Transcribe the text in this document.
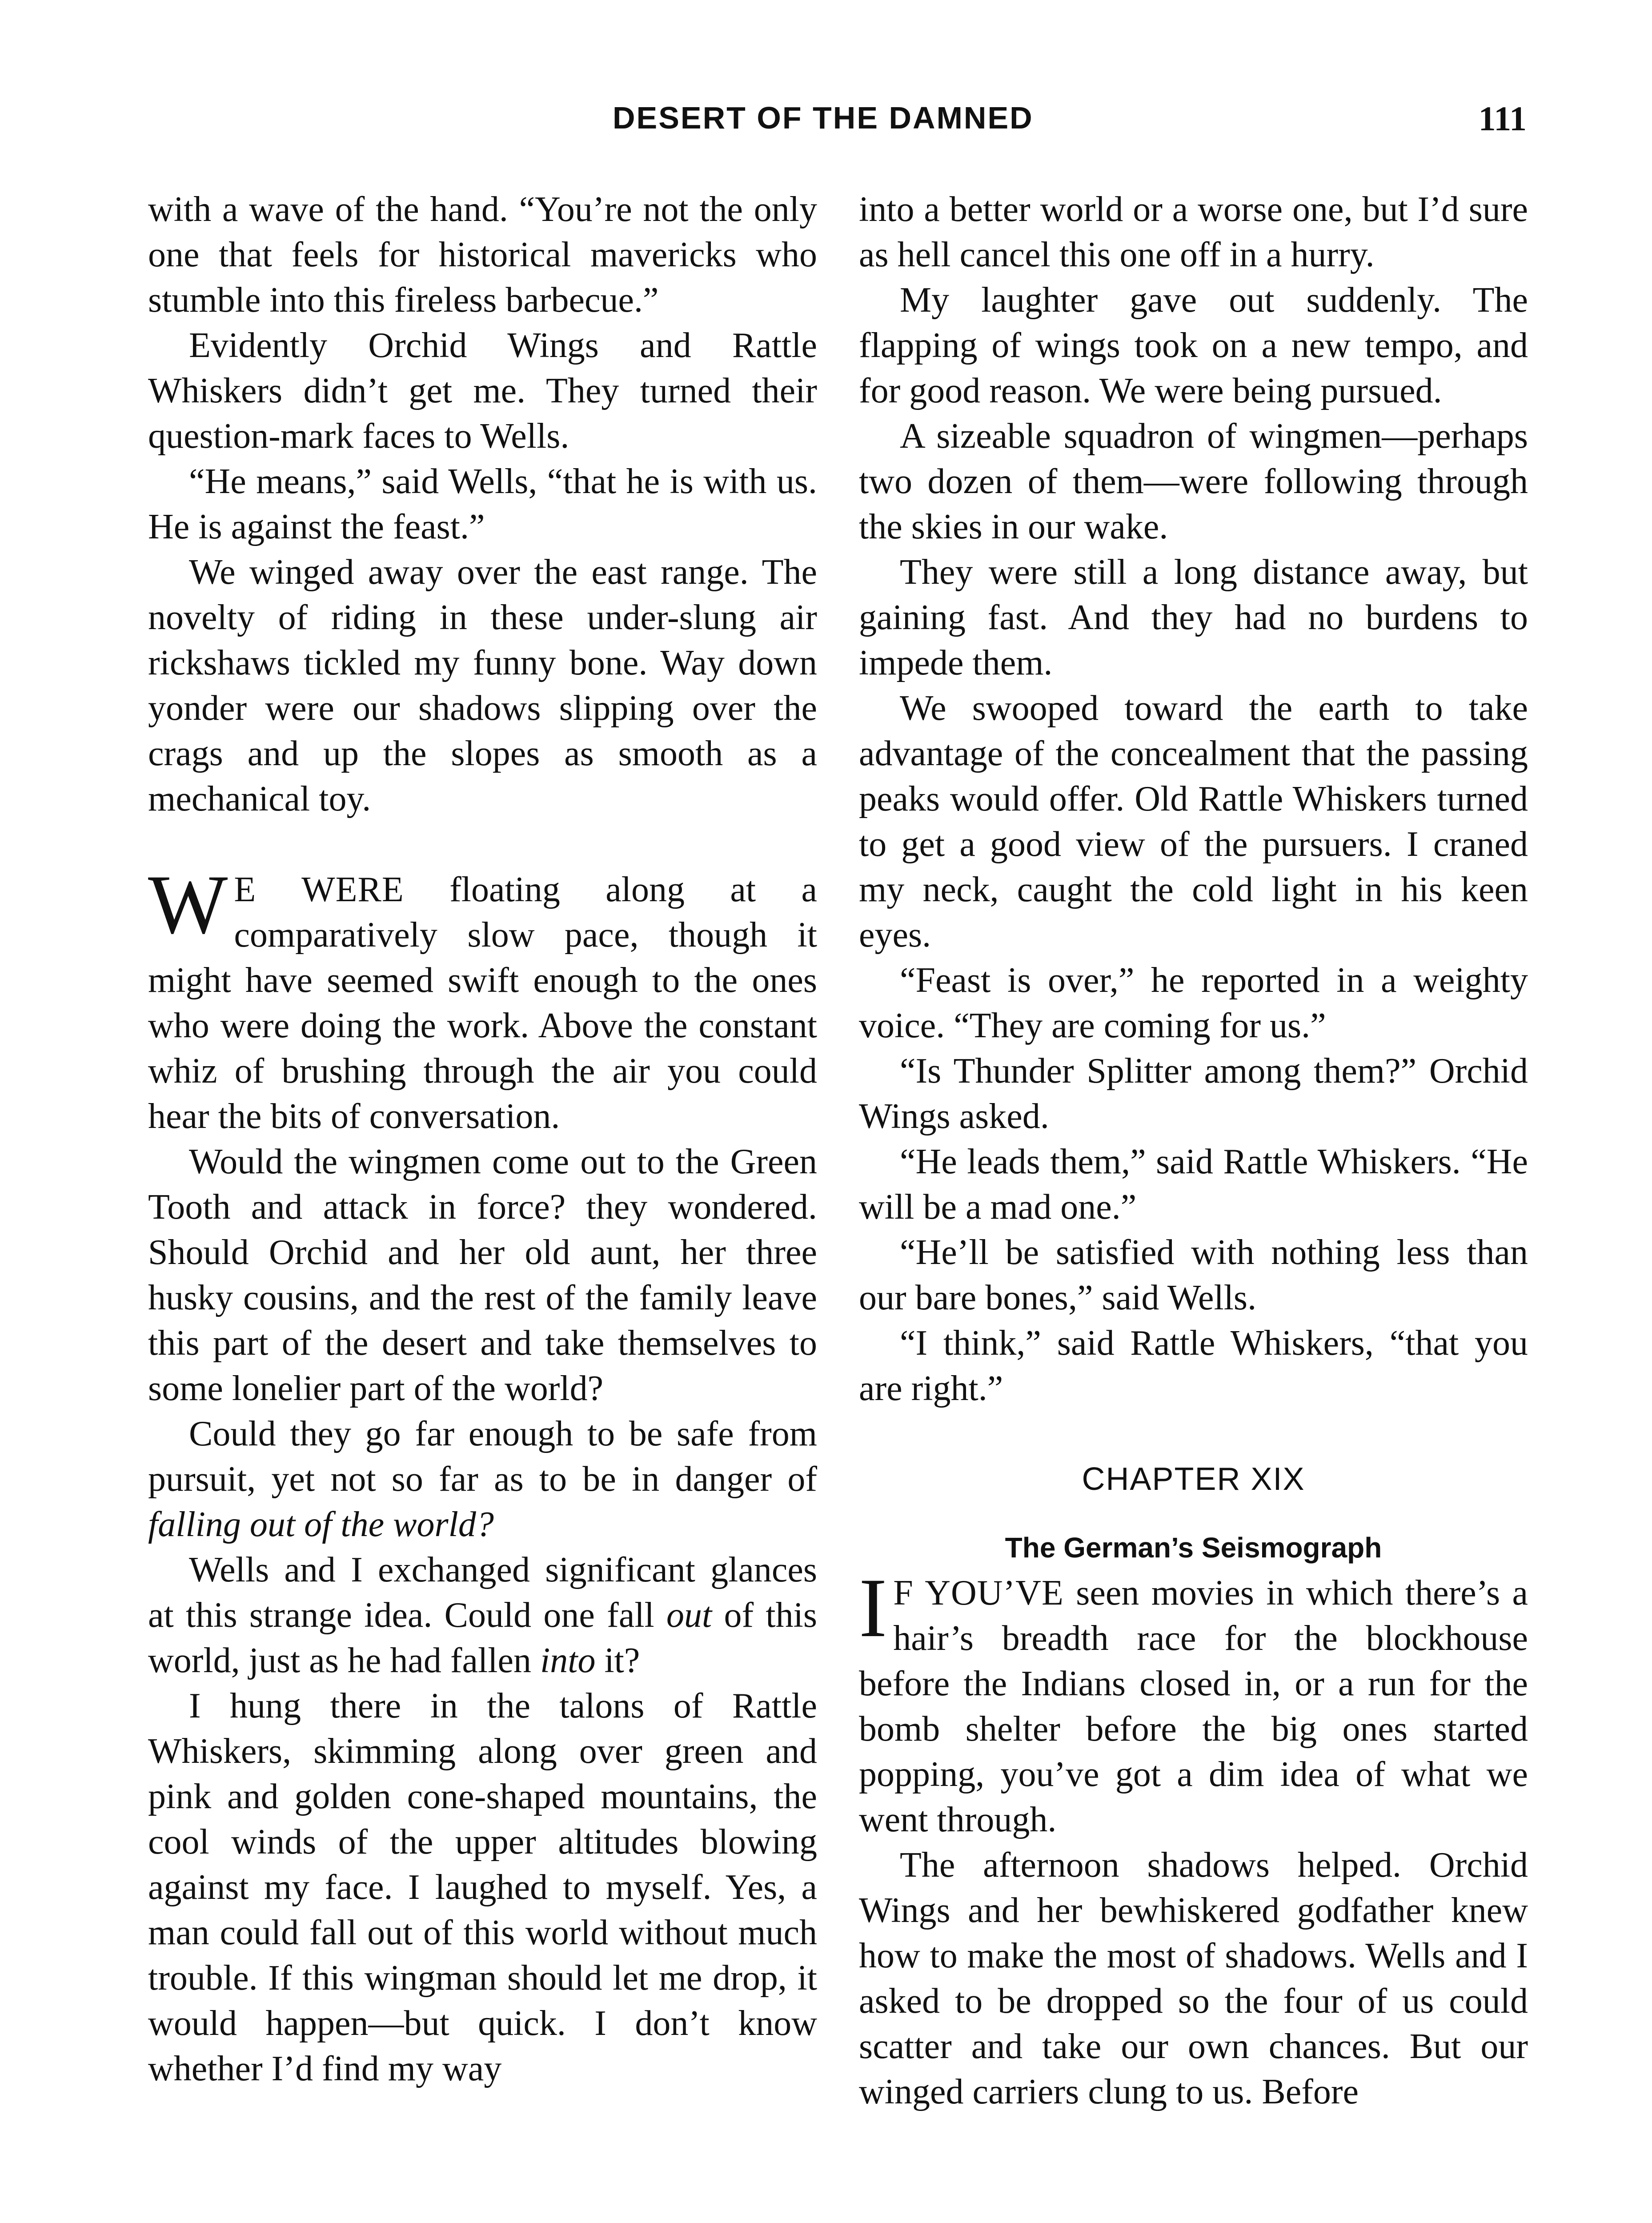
DESERT OF THE DAMNED	111

with a wave of the hand. “You’re not the only one that feels for historical mavericks who stumble into this fireless barbecue.”

Evidently Orchid Wings and Rattle Whiskers didn’t get me. They turned their question-mark faces to Wells.

“He means,” said Wells, “that he is with us. He is against the feast.”

We winged away over the east range. The novelty of riding in these under-slung air rickshaws tickled my funny bone. Way down yonder were our shadows slipping over the crags and up the slopes as smooth as a mechanical toy.

W E WERE floating along at a comparatively slow pace, though it might have seemed swift enough to the ones who were doing the work. Above the constant whiz of brushing through the air you could hear the bits of conversation.

Would the wingmen come out to the Green Tooth and attack in force? they wondered. Should Orchid and her old aunt, her three husky cousins, and the rest of the family leave this part of the desert and take themselves to some lonelier part of the world?

Could they go far enough to be safe from pursuit, yet not so far as to be in danger of falling out of the world?

Wells and I exchanged significant glances at this strange idea. Could one fall out of this world, just as he had fallen into it?

I hung there in the talons of Rattle Whiskers, skimming along over green and pink and golden cone-shaped mountains, the cool winds of the upper altitudes blowing against my face. I laughed to myself. Yes, a man could fall out of this world without much trouble. If this wingman should let me drop, it would happen—but quick. I don’t know whether I’d find my way

into a better world or a worse one, but I’d sure as hell cancel this one off in a hurry.

My laughter gave out suddenly. The flapping of wings took on a new tempo, and for good reason. We were being pursued.

A sizeable squadron of wingmen—perhaps two dozen of them—were following through the skies in our wake.

They were still a long distance away, but gaining fast. And they had no burdens to impede them.

We swooped toward the earth to take advantage of the concealment that the passing peaks would offer. Old Rattle Whiskers turned to get a good view of the pursuers. I craned my neck, caught the cold light in his keen eyes.

“Feast is over,” he reported in a weighty voice. “They are coming for us.”

“Is Thunder Splitter among them?” Orchid Wings asked.

“He leads them,” said Rattle Whiskers. “He will be a mad one.”

“He’ll be satisfied with nothing less than our bare bones,” said Wells.

“I think,” said Rattle Whiskers, “that you are right.”

CHAPTER XIX
The German’s Seismograph

I F YOU’VE seen movies in which there’s a hair’s breadth race for the blockhouse before the Indians closed in, or a run for the bomb shelter before the big ones started popping, you’ve got a dim idea of what we went through.

The afternoon shadows helped. Orchid Wings and her bewhiskered godfather knew how to make the most of shadows. Wells and I asked to be dropped so the four of us could scatter and take our own chances. But our winged carriers clung to us. Before
